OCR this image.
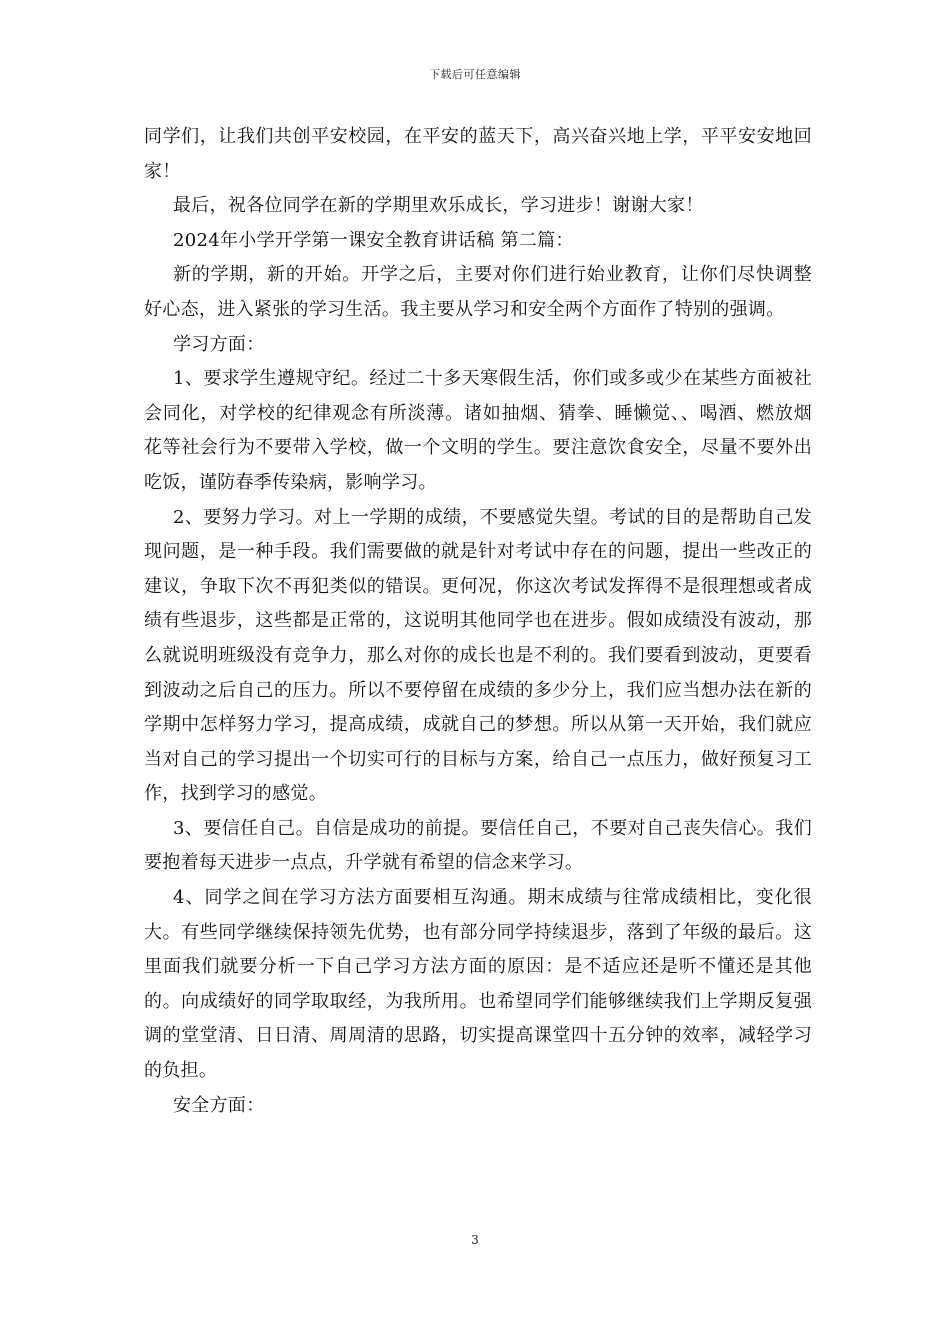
下载后可任意编辑

同学们，让我们共创平安校园，在平安的蓝天下，高兴奋兴地上学，平平安安地回家！

最后，祝各位同学在新的学期里欢乐成长，学习进步！谢谢大家！

2024年小学开学第一课安全教育讲话稿 第二篇：

新的学期，新的开始。开学之后，主要对你们进行始业教育，让你们尽快调整好心态，进入紧张的学习生活。我主要从学习和安全两个方面作了特别的强调。

学习方面：

1、要求学生遵规守纪。经过二十多天寒假生活，你们或多或少在某些方面被社会同化，对学校的纪律观念有所淡薄。诸如抽烟、猜拳、睡懒觉、、喝酒、燃放烟花等社会行为不要带入学校，做一个文明的学生。要注意饮食安全，尽量不要外出吃饭，谨防春季传染病，影响学习。

2、要努力学习。对上一学期的成绩，不要感觉失望。考试的目的是帮助自己发现问题，是一种手段。我们需要做的就是针对考试中存在的问题，提出一些改正的建议，争取下次不再犯类似的错误。更何况，你这次考试发挥得不是很理想或者成绩有些退步，这些都是正常的，这说明其他同学也在进步。假如成绩没有波动，那么就说明班级没有竞争力，那么对你的成长也是不利的。我们要看到波动，更要看到波动之后自己的压力。所以不要停留在成绩的多少分上，我们应当想办法在新的学期中怎样努力学习，提高成绩，成就自己的梦想。所以从第一天开始，我们就应当对自己的学习提出一个切实可行的目标与方案，给自己一点压力，做好预复习工作，找到学习的感觉。

3、要信任自己。自信是成功的前提。要信任自己，不要对自己丧失信心。我们要抱着每天进步一点点，升学就有希望的信念来学习。

4、同学之间在学习方法方面要相互沟通。期末成绩与往常成绩相比，变化很大。有些同学继续保持领先优势，也有部分同学持续退步，落到了年级的最后。这里面我们就要分析一下自己学习方法方面的原因：是不适应还是听不懂还是其他的。向成绩好的同学取取经，为我所用。也希望同学们能够继续我们上学期反复强调的堂堂清、日日清、周周清的思路，切实提高课堂四十五分钟的效率，减轻学习的负担。

安全方面：

3
